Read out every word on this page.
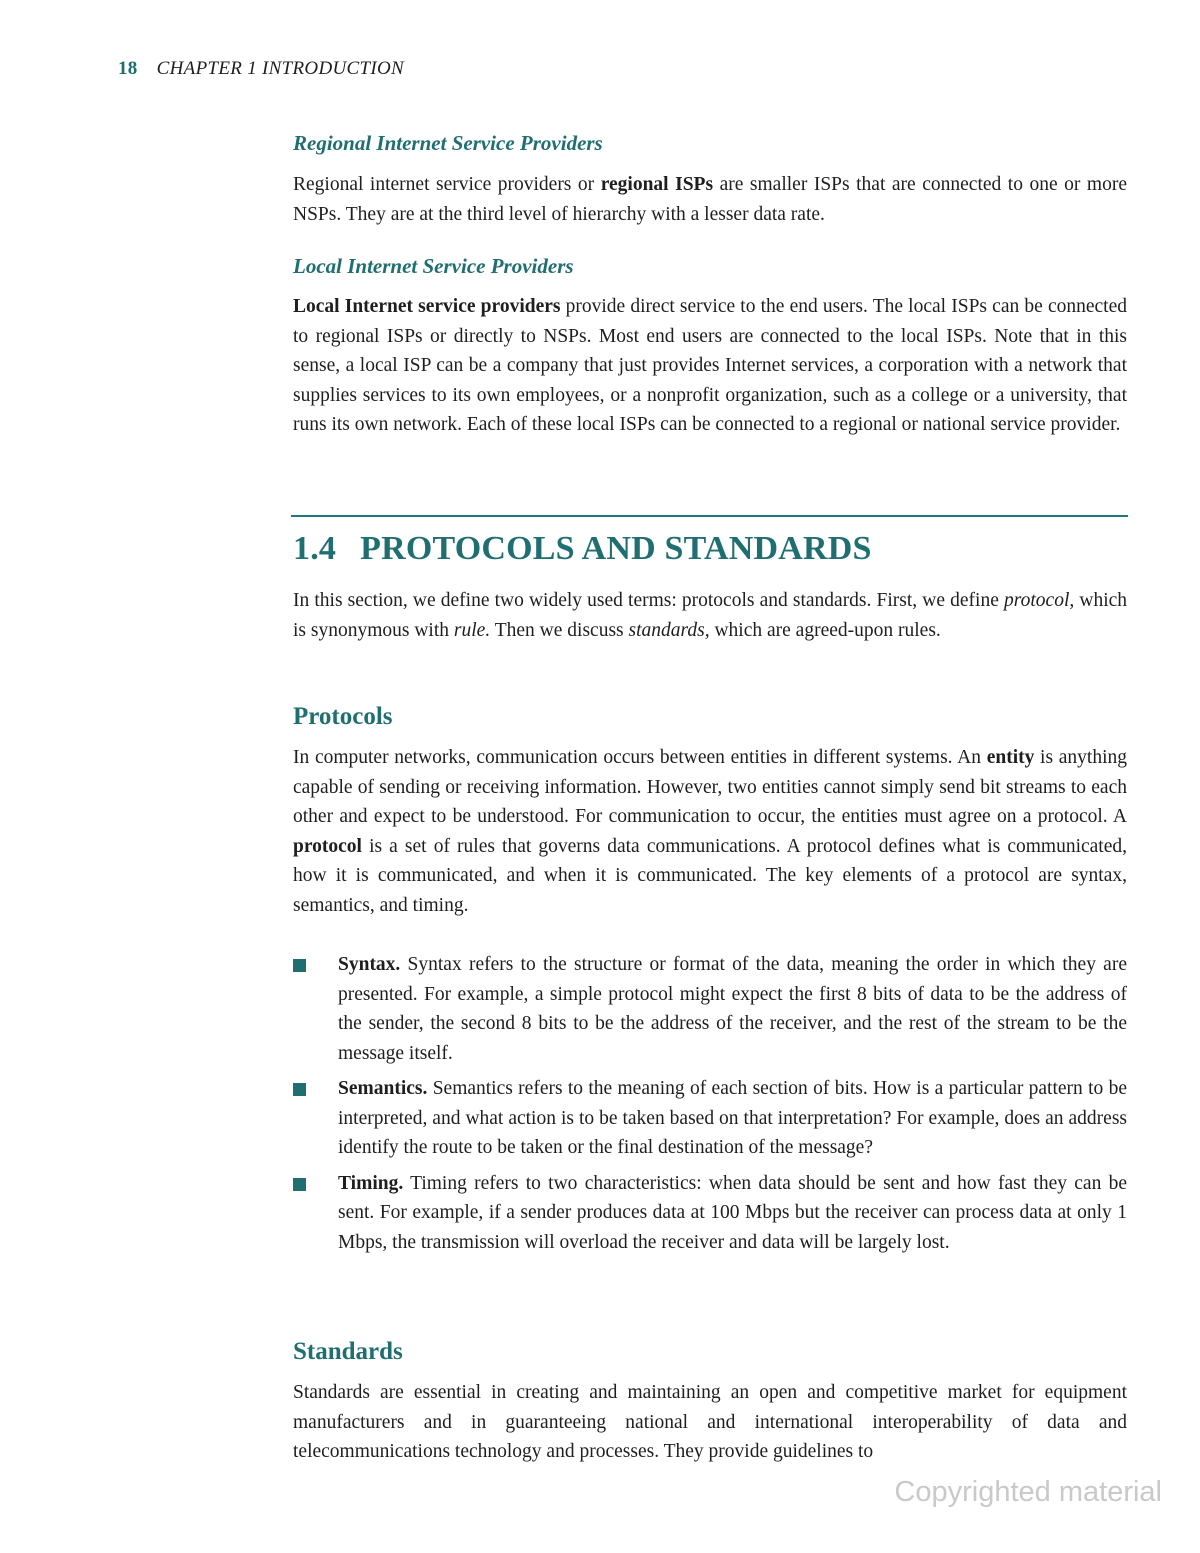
18 CHAPTER 1 INTRODUCTION
Regional Internet Service Providers

Regional internet service providers or regional ISPs are smaller ISPs that are connected to one or more NSPs. They are at the third level of hierarchy with a lesser data rate.

Local Internet Service Providers

Local Internet service providers provide direct service to the end users. The local ISPs can be connected to regional ISPs or directly to NSPs. Most end users are connected to the local ISPs. Note that in this sense, a local ISP can be a company that just provides Internet services, a corporation with a network that supplies services to its own employees, or a nonprofit organization, such as a college or a university, that runs its own network. Each of these local ISPs can be connected to a regional or national service provider.

1.4 PROTOCOLS AND STANDARDS

In this section, we define two widely used terms: protocols and standards. First, we define protocol, which is synonymous with rule. Then we discuss standards, which are agreed-upon rules.

Protocols

In computer networks, communication occurs between entities in different systems. An entity is anything capable of sending or receiving information. However, two entities cannot simply send bit streams to each other and expect to be understood. For communication to occur, the entities must agree on a protocol. A protocol is a set of rules that governs data communications. A protocol defines what is communicated, how it is communicated, and when it is communicated. The key elements of a protocol are syntax, semantics, and timing.

Syntax. Syntax refers to the structure or format of the data, meaning the order in which they are presented. For example, a simple protocol might expect the first 8 bits of data to be the address of the sender, the second 8 bits to be the address of the receiver, and the rest of the stream to be the message itself.

Semantics. Semantics refers to the meaning of each section of bits. How is a particular pattern to be interpreted, and what action is to be taken based on that interpretation? For example, does an address identify the route to be taken or the final destination of the message?

Timing. Timing refers to two characteristics: when data should be sent and how fast they can be sent. For example, if a sender produces data at 100 Mbps but the receiver can process data at only 1 Mbps, the transmission will overload the receiver and data will be largely lost.

Standards

Standards are essential in creating and maintaining an open and competitive market for equipment manufacturers and in guaranteeing national and international interoperability of data and telecommunications technology and processes. They provide guidelines to

Copyrighted material
